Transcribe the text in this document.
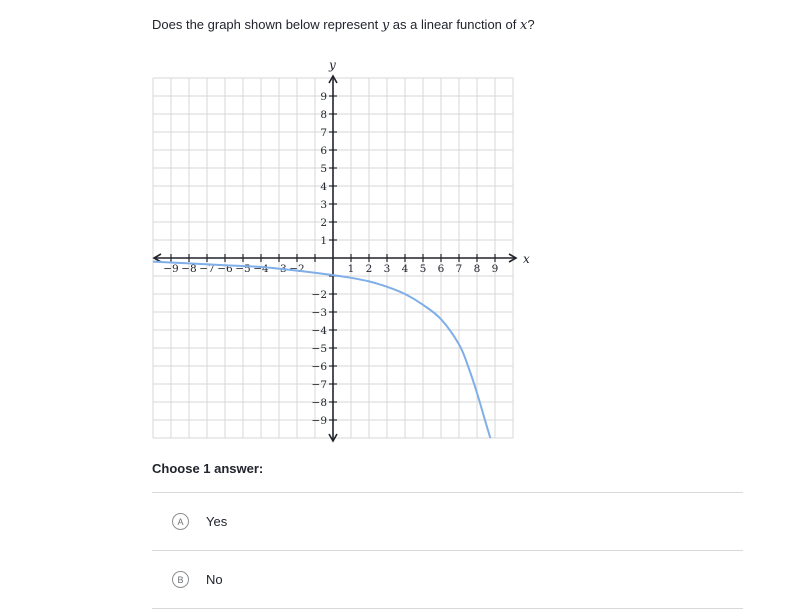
Does the graph shown below represent y as a linear function of x?
−9 −8 −7 −6 −5 −4 −3 −2	1 2 3 4 5 6 7 8 9
9
8
7
6
5
4
3
2
1
−2
−3
−4
−5
−6
−7
−8
−9
x
y
Choose 1 answer:
A	Yes
B	No
